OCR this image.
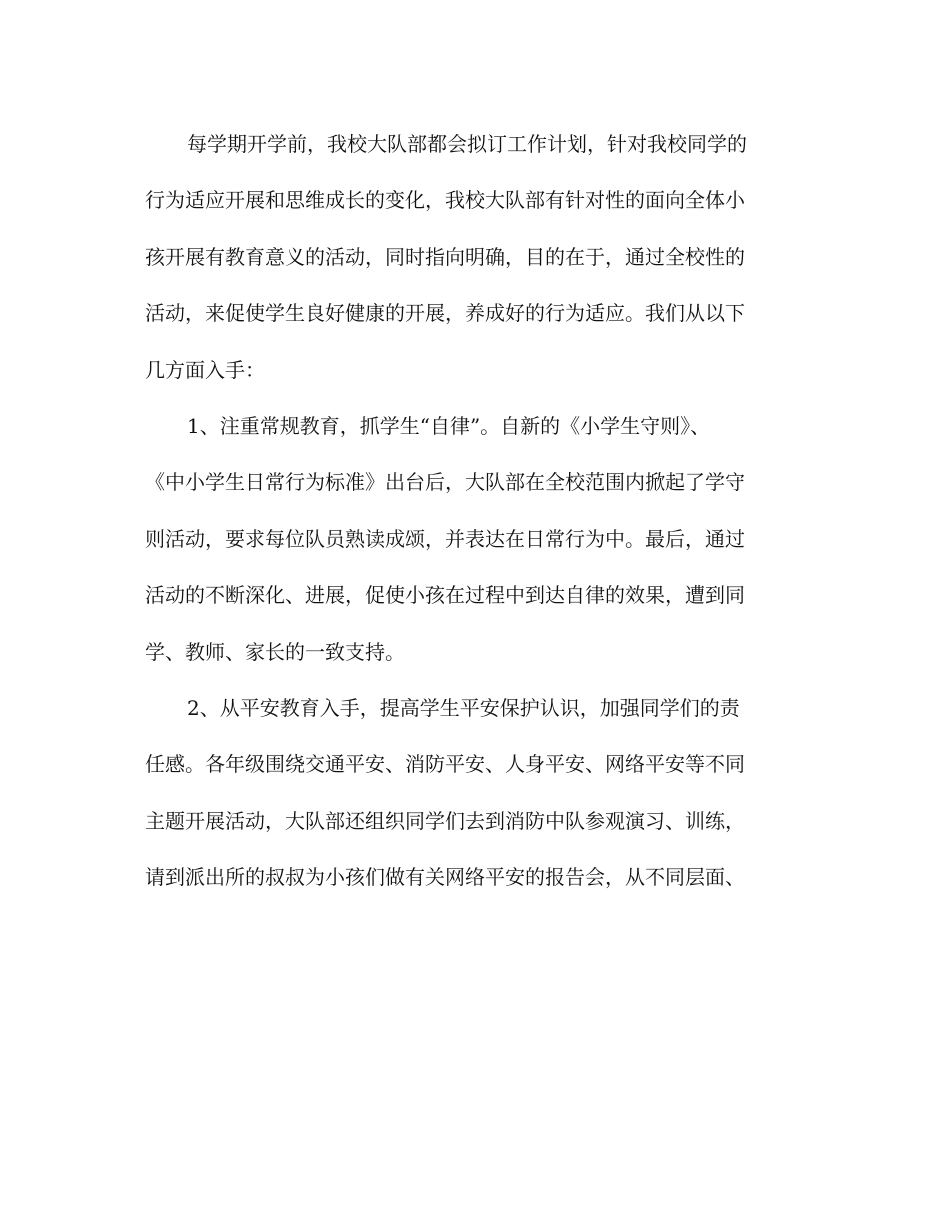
每学期开学前，我校大队部都会拟订工作计划，针对我校同学的
行为适应开展和思维成长的变化，我校大队部有针对性的面向全体小
孩开展有教育意义的活动，同时指向明确，目的在于，通过全校性的
活动，来促使学生良好健康的开展，养成好的行为适应。我们从以下
几方面入手：
1、注重常规教育，抓学生“自律”。自新的《小学生守则》、
《中小学生日常行为标准》出台后，大队部在全校范围内掀起了学守
则活动，要求每位队员熟读成颂，并表达在日常行为中。最后，通过
活动的不断深化、进展，促使小孩在过程中到达自律的效果，遭到同
学、教师、家长的一致支持。
2、从平安教育入手，提高学生平安保护认识，加强同学们的责
任感。各年级围绕交通平安、消防平安、人身平安、网络平安等不同
主题开展活动，大队部还组织同学们去到消防中队参观演习、训练，
请到派出所的叔叔为小孩们做有关网络平安的报告会，从不同层面、
